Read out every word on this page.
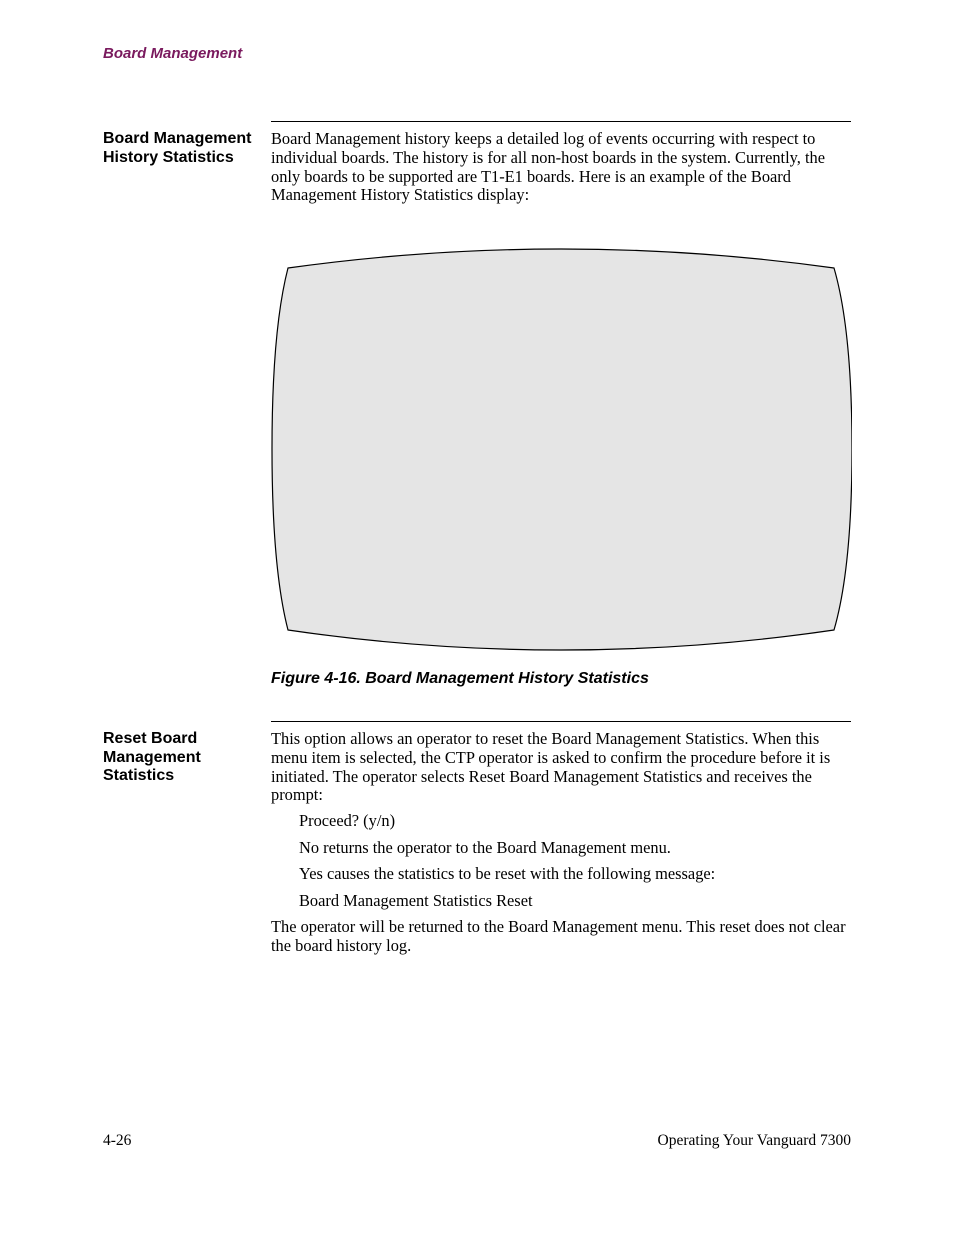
Board Management
Board Management History Statistics

Board Management history keeps a detailed log of events occurring with respect to individual boards. The history is for all non-host boards in the system. Currently, the only boards to be supported are T1-E1 boards. Here is an example of the Board Management History Statistics display:

Figure 4-16. Board Management History Statistics
Reset Board Management Statistics

This option allows an operator to reset the Board Management Statistics. When this menu item is selected, the CTP operator is asked to confirm the procedure before it is initiated. The operator selects Reset Board Management Statistics and receives the prompt:

Proceed? (y/n)

No returns the operator to the Board Management menu.

Yes causes the statistics to be reset with the following message:

Board Management Statistics Reset

The operator will be returned to the Board Management menu. This reset does not clear the board history log.

4-26	Operating Your Vanguard 7300
